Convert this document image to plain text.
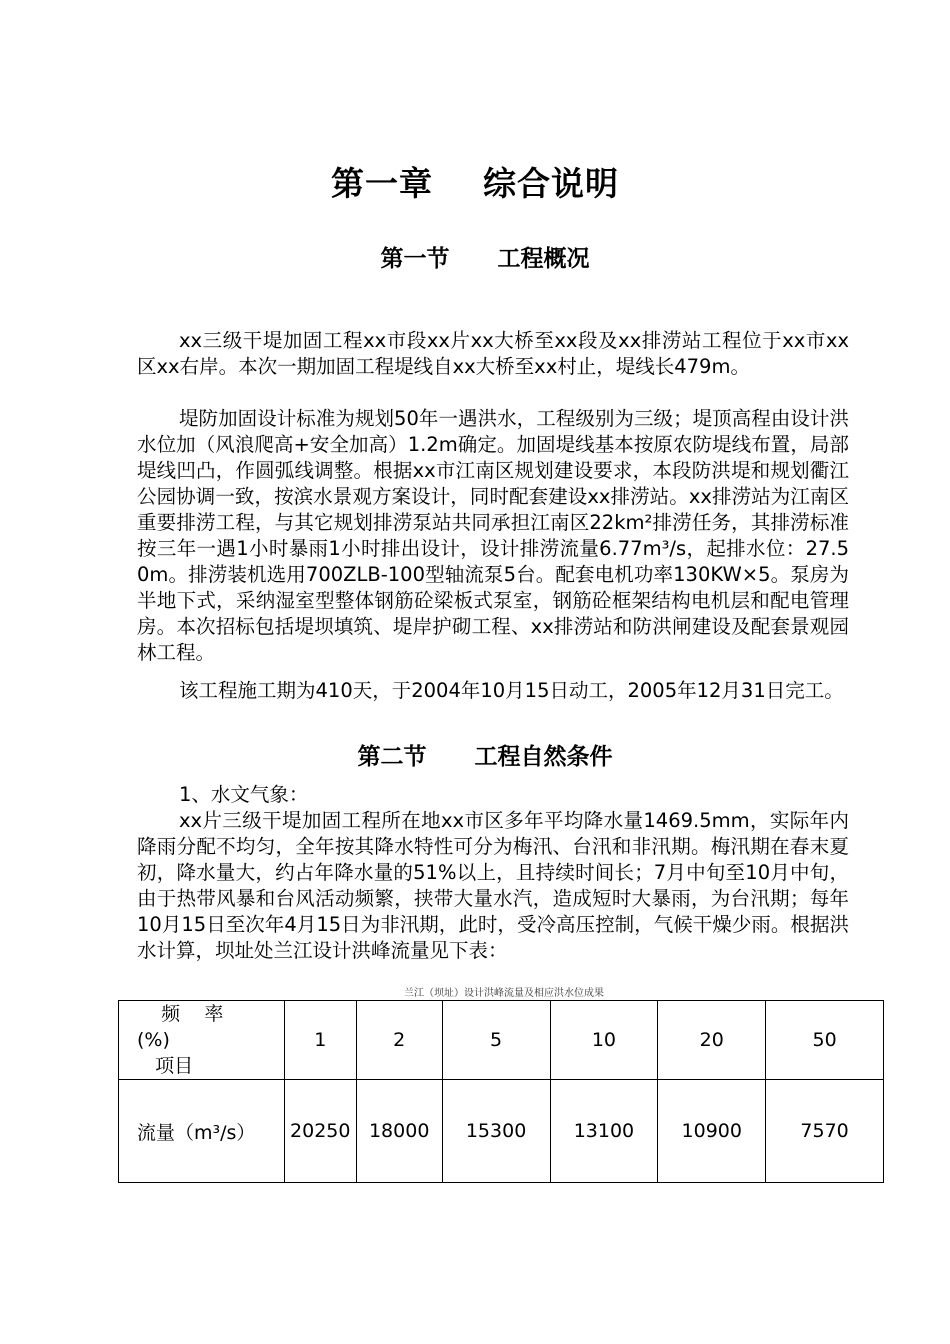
第一章    综合说明
第一节      工程概况

xx三级干堤加固工程xx市段xx片xx大桥至xx段及xx排涝站工程位于xx市xx区xx右岸。本次一期加固工程堤线自xx大桥至xx村止，堤线长479m。

堤防加固设计标准为规划50年一遇洪水，工程级别为三级；堤顶高程由设计洪水位加（风浪爬高+安全加高）1.2m确定。加固堤线基本按原农防堤线布置，局部堤线凹凸，作圆弧线调整。根据xx市江南区规划建设要求，本段防洪堤和规划衢江公园协调一致，按滨水景观方案设计，同时配套建设xx排涝站。xx排涝站为江南区重要排涝工程，与其它规划排涝泵站共同承担江南区22km²排涝任务，其排涝标准按三年一遇1小时暴雨1小时排出设计，设计排涝流量6.77m³/s，起排水位：27.50m。排涝装机选用700ZLB-100型轴流泵5台。配套电机功率130KW×5。泵房为半地下式，采纳湿室型整体钢筋砼梁板式泵室，钢筋砼框架结构电机层和配电管理房。本次招标包括堤坝填筑、堤岸护砌工程、xx排涝站和防洪闸建设及配套景观园林工程。

该工程施工期为410天，于2004年10月15日动工，2005年12月31日完工。

第二节      工程自然条件

1、水文气象：

xx片三级干堤加固工程所在地xx市区多年平均降水量1469.5mm，实际年内降雨分配不均匀，全年按其降水特性可分为梅汛、台汛和非汛期。梅汛期在春末夏初，降水量大，约占年降水量的51%以上，且持续时间长；7月中旬至10月中旬，由于热带风暴和台风活动频繁，挟带大量水汽，造成短时大暴雨，为台汛期；每年10月15日至次年4月15日为非汛期，此时，受冷高压控制，气候干燥少雨。根据洪水计算，坝址处兰江设计洪峰流量见下表：

兰江（坝址）设计洪峰流量及相应洪水位成果
频    率
(%)
项目	1	2	5	10	20	50
流量（m³/s）	20250	18000	15300	13100	10900	7570
